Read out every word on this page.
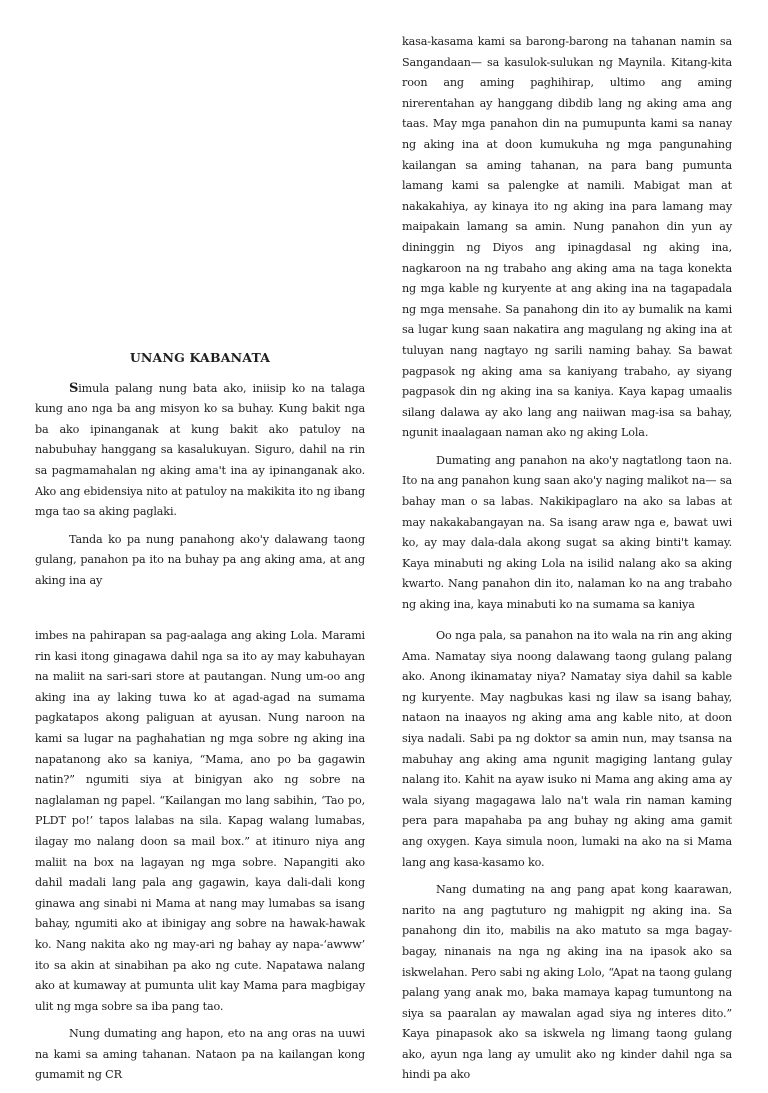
UNANG KABANATA

Simula palang nung bata ako, iniisip ko na talaga kung ano nga ba ang misyon ko sa buhay. Kung bakit nga ba ako ipinanganak at kung bakit ako patuloy na nabubuhay hanggang sa kasalukuyan. Siguro, dahil na rin sa pagmamahalan ng aking ama't ina ay ipinanganak ako. Ako ang ebidensiya nito at patuloy na makikita ito ng ibang mga tao sa aking paglaki.

Tanda ko pa nung panahong ako'y dalawang taong gulang, panahon pa ito na buhay pa ang aking ama, at ang aking ina ay

kasa-kasama kami sa barong-barong na tahanan namin sa Sangandaan— sa kasulok-sulukan ng Maynila. Kitang-kita roon ang aming paghihirap, ultimo ang aming nirerentahan ay hanggang dibdib lang ng aking ama ang taas. May mga panahon din na pumupunta kami sa nanay ng aking ina at doon kumukuha ng mga pangunahing kailangan sa aming tahanan, na para bang pumunta lamang kami sa palengke at namili. Mabigat man at nakakahiya, ay kinaya ito ng aking ina para lamang may maipakain lamang sa amin. Nung panahon din yun ay dininggin ng Diyos ang ipinagdasal ng aking ina, nagkaroon na ng trabaho ang aking ama na taga konekta ng mga kable ng kuryente at ang aking ina na tagapadala ng mga mensahe. Sa panahong din ito ay bumalik na kami sa lugar kung saan nakatira ang magulang ng aking ina at tuluyan nang nagtayo ng sarili naming bahay. Sa bawat pagpasok ng aking ama sa kaniyang trabaho, ay siyang pagpasok din ng aking ina sa kaniya. Kaya kapag umaalis silang dalawa ay ako lang ang naiiwan mag-isa sa bahay, ngunit inaalagaan naman ako ng aking Lola.

Dumating ang panahon na ako'y nagtatlong taon na. Ito na ang panahon kung saan ako'y naging malikot na— sa bahay man o sa labas. Nakikipaglaro na ako sa labas at may nakakabangayan na. Sa isang araw nga e, bawat uwi ko, ay may dala-dala akong sugat sa aking binti't kamay. Kaya minabuti ng aking Lola na isilid nalang ako sa aking kwarto. Nang panahon din ito, nalaman ko na ang trabaho ng aking ina, kaya minabuti ko na sumama sa kaniya

imbes na pahirapan sa pag-aalaga ang aking Lola. Marami rin kasi itong ginagawa dahil nga sa ito ay may kabuhayan na maliit na sari-sari store at pautangan. Nung um-oo ang aking ina ay laking tuwa ko at agad-agad na sumama pagkatapos akong paliguan at ayusan. Nung naroon na kami sa lugar na paghahatian ng mga sobre ng aking ina napatanong ako sa kaniya, “Mama, ano po ba gagawin natin?” ngumiti siya at binigyan ako ng sobre na naglalaman ng papel. “Kailangan mo lang sabihin, ‘Tao po, PLDT po!’ tapos lalabas na sila. Kapag walang lumabas, ilagay mo nalang doon sa mail box.” at itinuro niya ang maliit na box na lagayan ng mga sobre. Napangiti ako dahil madali lang pala ang gagawin, kaya dali-dali kong ginawa ang sinabi ni Mama at nang may lumabas sa isang bahay, ngumiti ako at ibinigay ang sobre na hawak-hawak ko. Nang nakita ako ng may-ari ng bahay ay napa-‘awww’ ito sa akin at sinabihan pa ako ng cute. Napatawa nalang ako at kumaway at pumunta ulit kay Mama para magbigay ulit ng mga sobre sa iba pang tao.

Nung dumating ang hapon, eto na ang oras na uuwi na kami sa aming tahanan. Nataon pa na kailangan kong gumamit ng CR

Oo nga pala, sa panahon na ito wala na rin ang aking Ama. Namatay siya noong dalawang taong gulang palang ako. Anong ikinamatay niya? Namatay siya dahil sa kable ng kuryente. May nagbukas kasi ng ilaw sa isang bahay, nataon na inaayos ng aking ama ang kable nito, at doon siya nadali. Sabi pa ng doktor sa amin nun, may tsansa na mabuhay ang aking ama ngunit magiging lantang gulay nalang ito. Kahit na ayaw isuko ni Mama ang aking ama ay wala siyang magagawa lalo na't wala rin naman kaming pera para mapahaba pa ang buhay ng aking ama gamit ang oxygen. Kaya simula noon, lumaki na ako na si Mama lang ang kasa-kasamo ko.

Nang dumating na ang pang apat kong kaarawan, narito na ang pagtuturo ng mahigpit ng aking ina. Sa panahong din ito, mabilis na ako matuto sa mga bagay-bagay, ninanais na nga ng aking ina na ipasok ako sa iskwelahan. Pero sabi ng aking Lolo, “Apat na taong gulang palang yang anak mo, baka mamaya kapag tumuntong na siya sa paaralan ay mawalan agad siya ng interes dito.” Kaya pinapasok ako sa iskwela ng limang taong gulang ako, ayun nga lang ay umulit ako ng kinder dahil nga sa hindi pa ako
